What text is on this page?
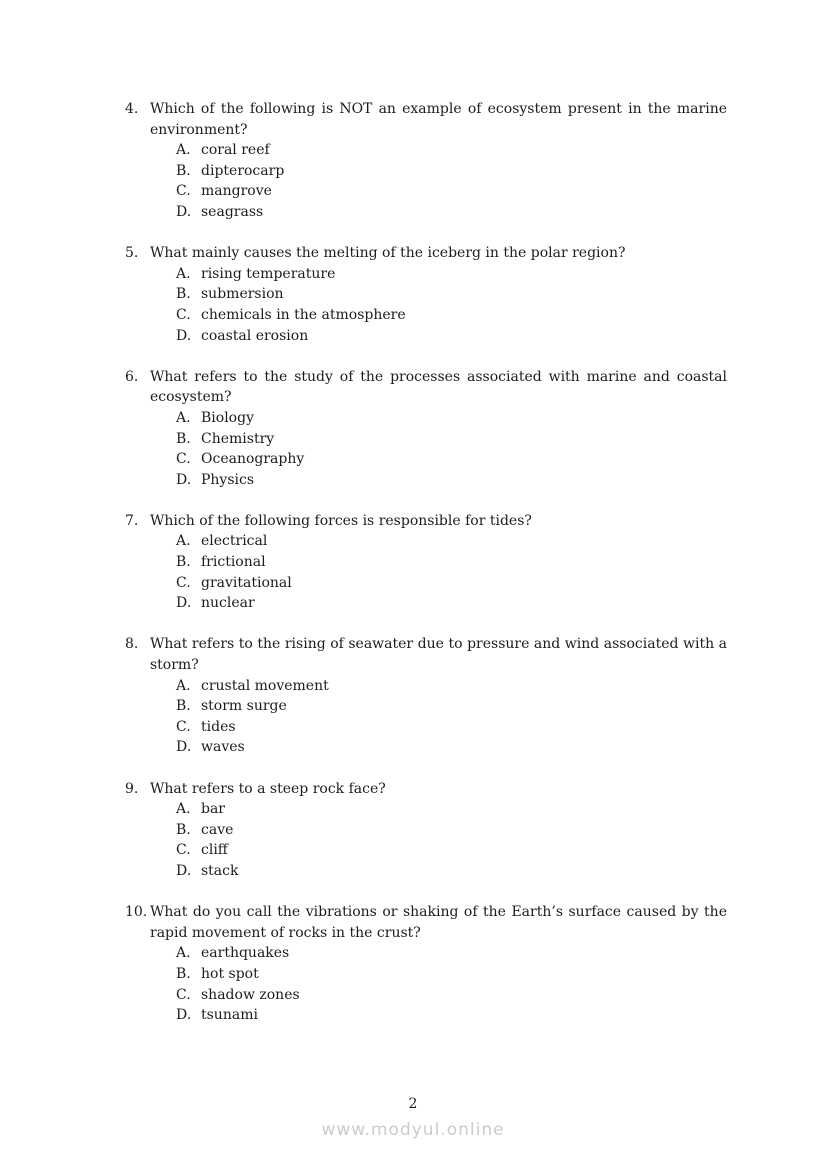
4. Which of the following is NOT an example of ecosystem present in the marine environment?
A. coral reef
B. dipterocarp
C. mangrove
D. seagrass
5. What mainly causes the melting of the iceberg in the polar region?
A. rising temperature
B. submersion
C. chemicals in the atmosphere
D. coastal erosion
6. What refers to the study of the processes associated with marine and coastal ecosystem?
A. Biology
B. Chemistry
C. Oceanography
D. Physics
7. Which of the following forces is responsible for tides?
A. electrical
B. frictional
C. gravitational
D. nuclear
8. What refers to the rising of seawater due to pressure and wind associated with a storm?
A. crustal movement
B. storm surge
C. tides
D. waves
9. What refers to a steep rock face?
A. bar
B. cave
C. cliff
D. stack
10. What do you call the vibrations or shaking of the Earth’s surface caused by the rapid movement of rocks in the crust?
A. earthquakes
B. hot spot
C. shadow zones
D. tsunami
2
www.modyul.online
